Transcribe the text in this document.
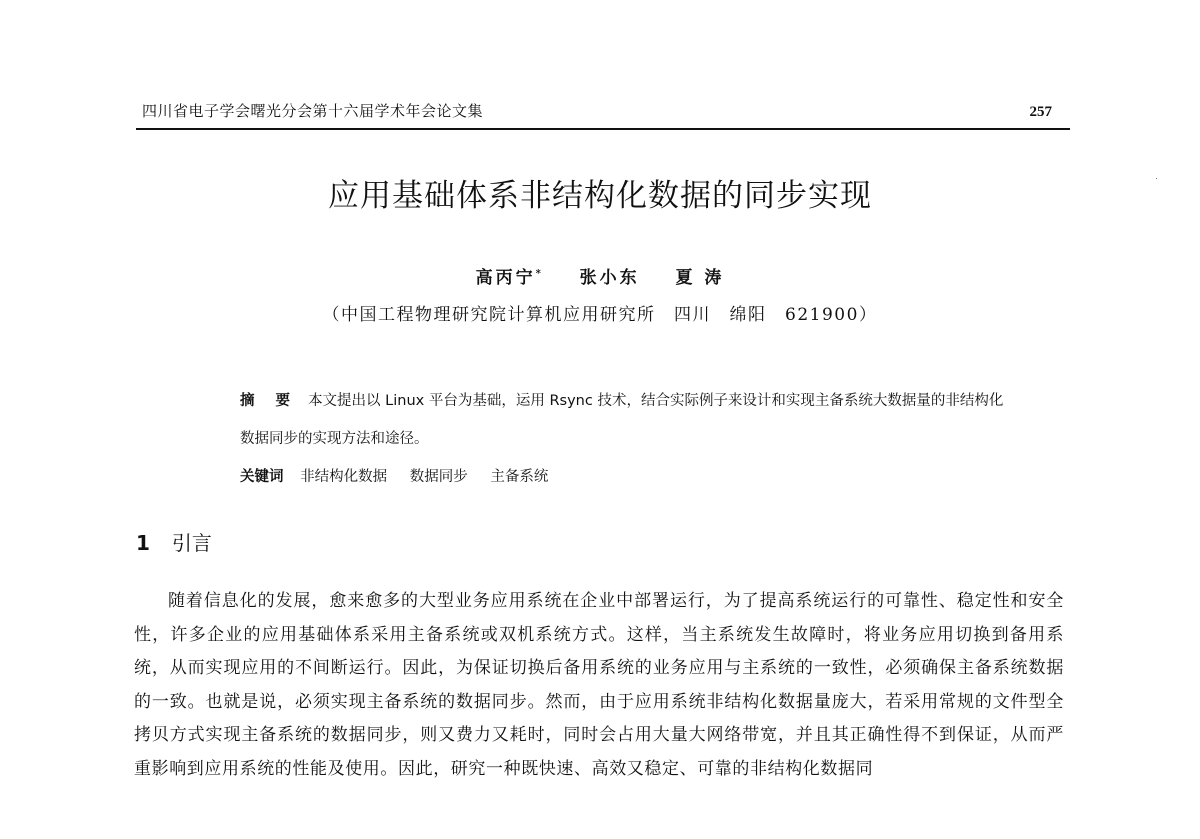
四川省电子学会曙光分会第十六届学术年会论文集	257
应用基础体系非结构化数据的同步实现
高丙宁* 张小东 夏 涛
（中国工程物理研究院计算机应用研究所　四川　绵阳　621900）
摘 要 本文提出以 Linux 平台为基础，运用 Rsync 技术，结合实际例子来设计和实现主备系统大数据量的非结构化数据同步的实现方法和途径。
关键词 非结构化数据 数据同步 主备系统
1 引言
随着信息化的发展，愈来愈多的大型业务应用系统在企业中部署运行，为了提高系统运行的可靠性、稳定性和安全性，许多企业的应用基础体系采用主备系统或双机系统方式。这样，当主系统发生故障时，将业务应用切换到备用系统，从而实现应用的不间断运行。因此，为保证切换后备用系统的业务应用与主系统的一致性，必须确保主备系统数据的一致。也就是说，必须实现主备系统的数据同步。然而，由于应用系统非结构化数据量庞大，若采用常规的文件型全拷贝方式实现主备系统的数据同步，则又费力又耗时，同时会占用大量大网络带宽，并且其正确性得不到保证，从而严重影响到应用系统的性能及使用。因此，研究一种既快速、高效又稳定、可靠的非结构化数据同
